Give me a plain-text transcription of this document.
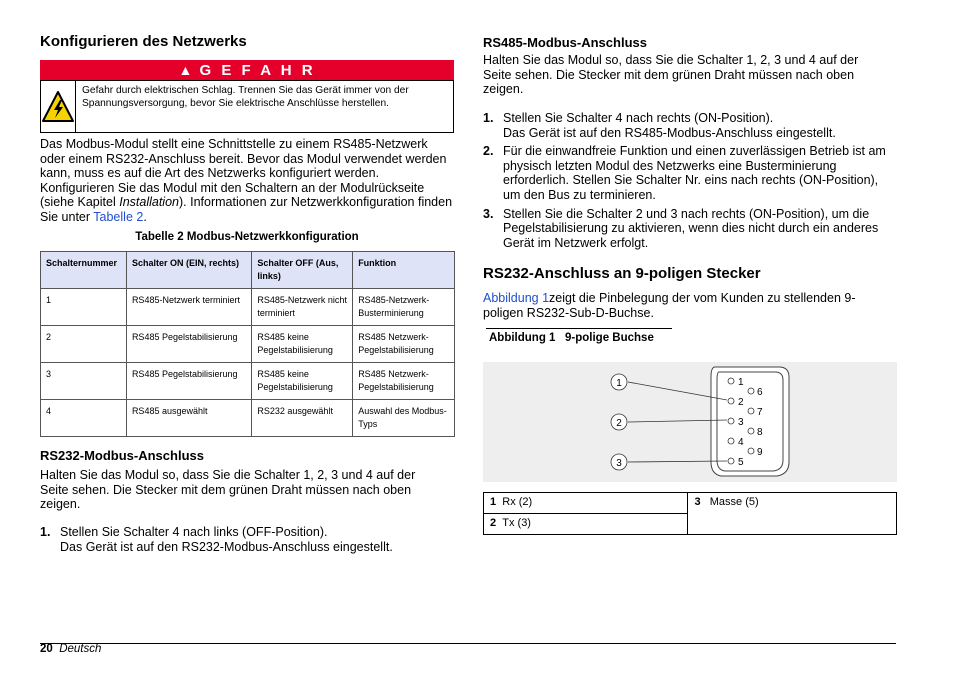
Konfigurieren des Netzwerks
▲ G E F A H R
Gefahr durch elektrischen Schlag. Trennen Sie das Gerät immer von der Spannungsversorgung, bevor Sie elektrische Anschlüsse herstellen.
Das Modbus-Modul stellt eine Schnittstelle zu einem RS485-Netzwerk oder einem RS232-Anschluss bereit. Bevor das Modul verwendet werden kann, muss es auf die Art des Netzwerks konfiguriert werden. Konfigurieren Sie das Modul mit den Schaltern an der Modulrückseite (siehe Kapitel Installation). Informationen zur Netzwerkkonfiguration finden Sie unter Tabelle 2.
Tabelle 2 Modbus-Netzwerkkonfiguration
Schalternummer	Schalter ON (EIN, rechts)	Schalter OFF (Aus, links)	Funktion
1	RS485-Netzwerk terminiert	RS485-Netzwerk nicht terminiert	RS485-Netzwerk-Busterminierung
2	RS485 Pegelstabilisierung	RS485 keine Pegelstabilisierung	RS485 Netzwerk-Pegelstabilisierung
3	RS485 Pegelstabilisierung	RS485 keine Pegelstabilisierung	RS485 Netzwerk-Pegelstabilisierung
4	RS485 ausgewählt	RS232 ausgewählt	Auswahl des Modbus-Typs
RS232-Modbus-Anschluss
Halten Sie das Modul so, dass Sie die Schalter 1, 2, 3 und 4 auf der Seite sehen. Die Stecker mit dem grünen Draht müssen nach oben zeigen.
1. Stellen Sie Schalter 4 nach links (OFF-Position).
Das Gerät ist auf den RS232-Modbus-Anschluss eingestellt.
RS485-Modbus-Anschluss
Halten Sie das Modul so, dass Sie die Schalter 1, 2, 3 und 4 auf der Seite sehen. Die Stecker mit dem grünen Draht müssen nach oben zeigen.
1. Stellen Sie Schalter 4 nach rechts (ON-Position).
Das Gerät ist auf den RS485-Modbus-Anschluss eingestellt.
2. Für die einwandfreie Funktion und einen zuverlässigen Betrieb ist am physisch letzten Modul des Netzwerks eine Busterminierung erforderlich. Stellen Sie Schalter Nr. eins nach rechts (ON-Position), um den Bus zu terminieren.
3. Stellen Sie die Schalter 2 und 3 nach rechts (ON-Position), um die Pegelstabilisierung zu aktivieren, wenn dies nicht durch ein anderes Gerät im Netzwerk erfolgt.
RS232-Anschluss an 9-poligen Stecker
Abbildung 1zeigt die Pinbelegung der vom Kunden zu stellenden 9-poligen RS232-Sub-D-Buchse.
Abbildung 1   9-polige Buchse
1
2
3
1
2
3
4
5
6
7
8
9
1 Rx (2)	3 Masse (5)
2 Tx (3)
20 Deutsch
